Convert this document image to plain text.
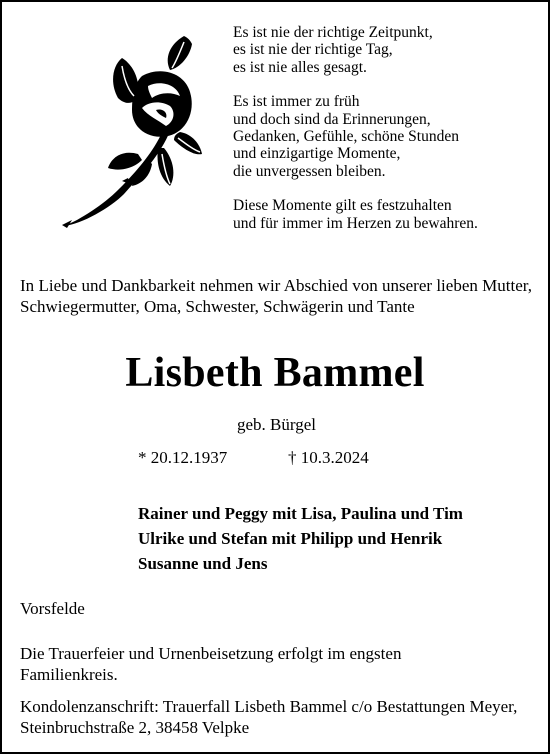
Es ist nie der richtige Zeitpunkt,
es ist nie der richtige Tag,
es ist nie alles gesagt.
Es ist immer zu früh
und doch sind da Erinnerungen,
Gedanken, Gefühle, schöne Stunden
und einzigartige Momente,
die unvergessen bleiben.
Diese Momente gilt es festzuhalten
und für immer im Herzen zu bewahren.
In Liebe und Dankbarkeit nehmen wir Abschied von unserer lieben Mutter, Schwiegermutter, Oma, Schwester, Schwägerin und Tante
Lisbeth Bammel
geb. Bürgel
* 20.12.1937	† 10.3.2024
Rainer und Peggy mit Lisa, Paulina und Tim
Ulrike und Stefan mit Philipp und Henrik
Susanne und Jens
Vorsfelde
Die Trauerfeier und Urnenbeisetzung erfolgt im engsten Familienkreis.
Kondolenzanschrift: Trauerfall Lisbeth Bammel c/o Bestattungen Meyer, Steinbruchstraße 2, 38458 Velpke
